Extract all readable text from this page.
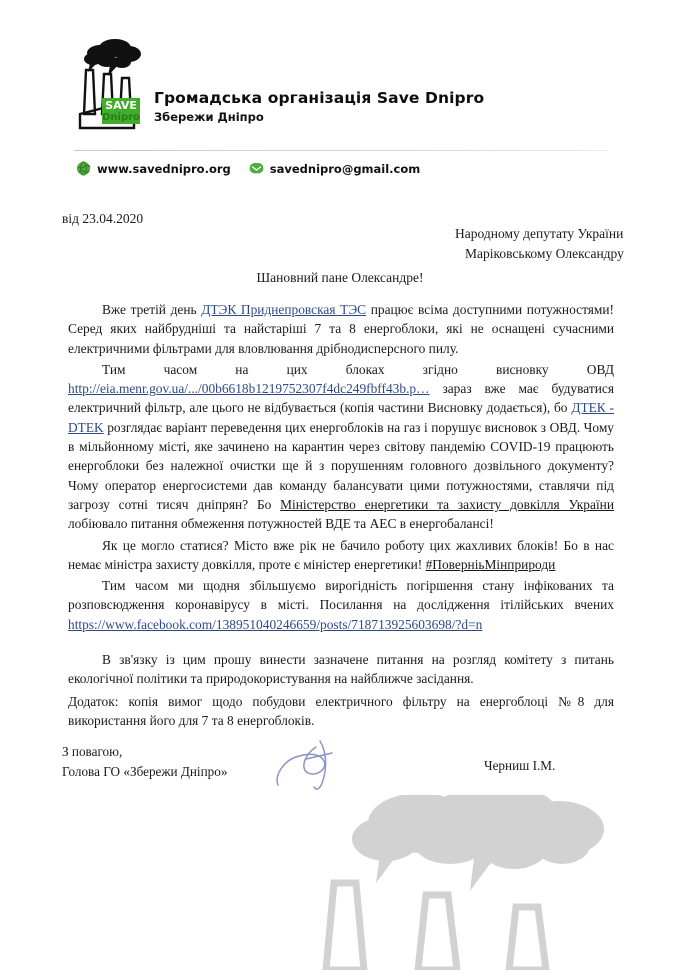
SAVE
Dnipro
Громадська організація Save Dnipro
Збережи Дніпро
www.savednipro.org	savednipro@gmail.com
від 23.04.2020
Народному депутату України
Маріковському Олександру
Шановний пане Олександре!

Вже третій день ДТЭК Приднепровская ТЭС працює всіма доступними потужностями! Серед яких найбрудніші та найстаріші 7 та 8 енергоблоки, які не оснащені сучасними електричними фільтрами для вловлювання дрібнодисперсного пилу.

Тим часом на цих блоках згідно висновку ОВД http://eia.menr.gov.ua/.../00b6618b1219752307f4dc249fbff43b.p… зараз вже має будуватися електричний фільтр, але цього не відбувається (копія частини Висновку додається), бо ДТЕК - DTEK розглядає варіант переведення цих енергоблоків на газ і порушує висновок з ОВД. Чому в мільйонному місті, яке зачинено на карантин через світову пандемію COVID-19 працюють енергоблоки без належної очистки ще й з порушенням головного дозвільного документу? Чому оператор енергосистеми дав команду балансувати цими потужностями, ставлячи під загрозу сотні тисяч дніпрян? Бо Міністерство енергетики та захисту довкілля України лобіювало питання обмеження потужностей ВДЕ та АЕС в енергобалансі!

Як це могло статися? Місто вже рік не бачило роботу цих жахливих блоків! Бо в нас немає міністра захисту довкілля, проте є міністер енергетики! #ПоверніьМінприроди

Тим часом ми щодня збільшуємо вирогідність погіршення стану інфікованих та розповсюдження коронавірусу в місті. Посилання на дослідження ітілійських вчених https://www.facebook.com/138951040246659/posts/718713925603698/?d=n

В зв'язку із цим прошу винести зазначене питання на розгляд комітету з питань екологічної політики та природокористування на найближче засідання.

Додаток: копія вимог щодо побудови електричного фільтру на енергоблоці №8 для використання його для 7 та 8 енергоблоків.
З повагою,
Голова ГО «Збережи Дніпро»	Черниш І.М.
